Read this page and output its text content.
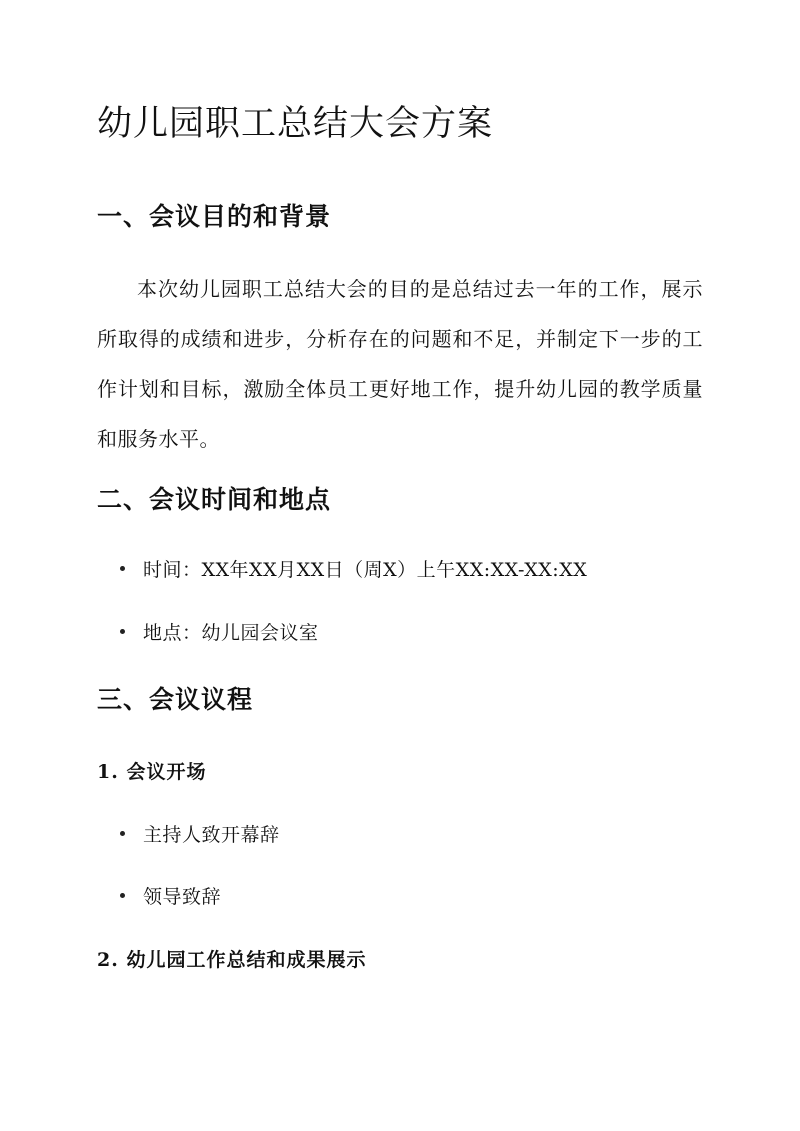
幼儿园职工总结大会方案
一、会议目的和背景

本次幼儿园职工总结大会的目的是总结过去一年的工作，展示所取得的成绩和进步，分析存在的问题和不足，并制定下一步的工作计划和目标，激励全体员工更好地工作，提升幼儿园的教学质量和服务水平。

二、会议时间和地点
时间：XX年XX月XX日（周X）上午XX:XX-XX:XX
地点：幼儿园会议室
三、会议议程
1. 会议开场
主持人致开幕辞
领导致辞
2. 幼儿园工作总结和成果展示
